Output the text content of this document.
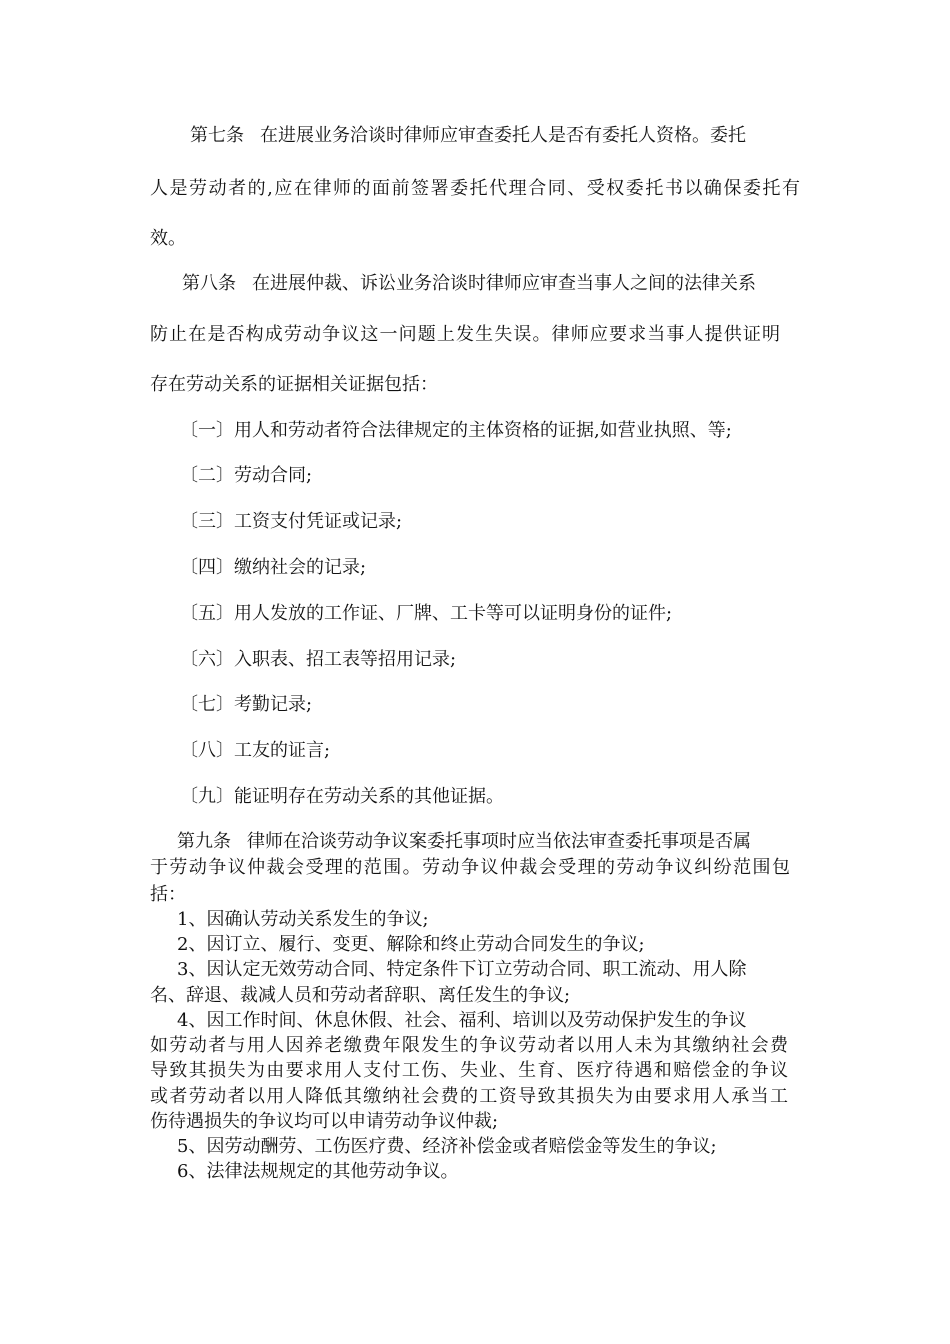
第七条 在进展业务洽谈时律师应审查委托人是否有委托人资格。委托
人是劳动者的,应在律师的面前签署委托代理合同、受权委托书以确保委托有
效。
第八条 在进展仲裁、诉讼业务洽谈时律师应审查当事人之间的法律关系
防止在是否构成劳动争议这一问题上发生失误。律师应要求当事人提供证明
存在劳动关系的证据相关证据包括：
〔一〕用人和劳动者符合法律规定的主体资格的证据,如营业执照、等;
〔二〕劳动合同;
〔三〕工资支付凭证或记录;
〔四〕缴纳社会的记录;
〔五〕用人发放的工作证、厂牌、工卡等可以证明身份的证件;
〔六〕入职表、招工表等招用记录;
〔七〕考勤记录;
〔八〕工友的证言;
〔九〕能证明存在劳动关系的其他证据。
第九条 律师在洽谈劳动争议案委托事项时应当依法审查委托事项是否属
于劳动争议仲裁会受理的范围。劳动争议仲裁会受理的劳动争议纠纷范围包
括：
1、因确认劳动关系发生的争议;
2、因订立、履行、变更、解除和终止劳动合同发生的争议;
3、因认定无效劳动合同、特定条件下订立劳动合同、职工流动、用人除
名、辞退、裁减人员和劳动者辞职、离任发生的争议;
4、因工作时间、休息休假、社会、福利、培训以及劳动保护发生的争议
如劳动者与用人因养老缴费年限发生的争议劳动者以用人未为其缴纳社会费
导致其损失为由要求用人支付工伤、失业、生育、医疗待遇和赔偿金的争议
或者劳动者以用人降低其缴纳社会费的工资导致其损失为由要求用人承当工
伤待遇损失的争议均可以申请劳动争议仲裁;
5、因劳动酬劳、工伤医疗费、经济补偿金或者赔偿金等发生的争议;
6、法律法规规定的其他劳动争议。
